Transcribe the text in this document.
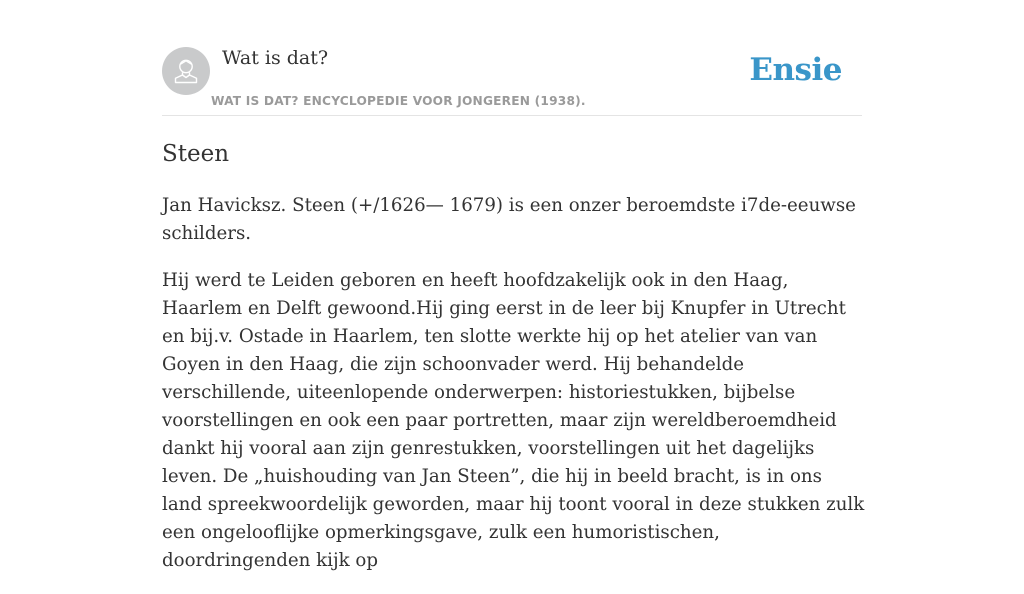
Wat is dat?
WAT IS DAT? ENCYCLOPEDIE VOOR JONGEREN (1938).
Ensie
Steen

Jan Havicksz. Steen (+/1626— 1679) is een onzer beroemdste i7de-eeuwse schilders.

Hij werd te Leiden geboren en heeft hoofdzakelijk ook in den Haag, Haarlem en Delft gewoond.Hij ging eerst in de leer bij Knupfer in Utrecht en bij.v. Ostade in Haarlem, ten slotte werkte hij op het atelier van van Goyen in den Haag, die zijn schoonvader werd. Hij behandelde verschillende, uiteenlopende onderwerpen: historiestukken, bijbelse voorstellingen en ook een paar portretten, maar zijn wereldberoemdheid dankt hij vooral aan zijn genrestukken, voorstellingen uit het dagelijks leven. De „huishouding van Jan Steen”, die hij in beeld bracht, is in ons land spreekwoordelijk geworden, maar hij toont vooral in deze stukken zulk een ongelooflijke opmerkingsgave, zulk een humoristischen, doordringenden kijk op
